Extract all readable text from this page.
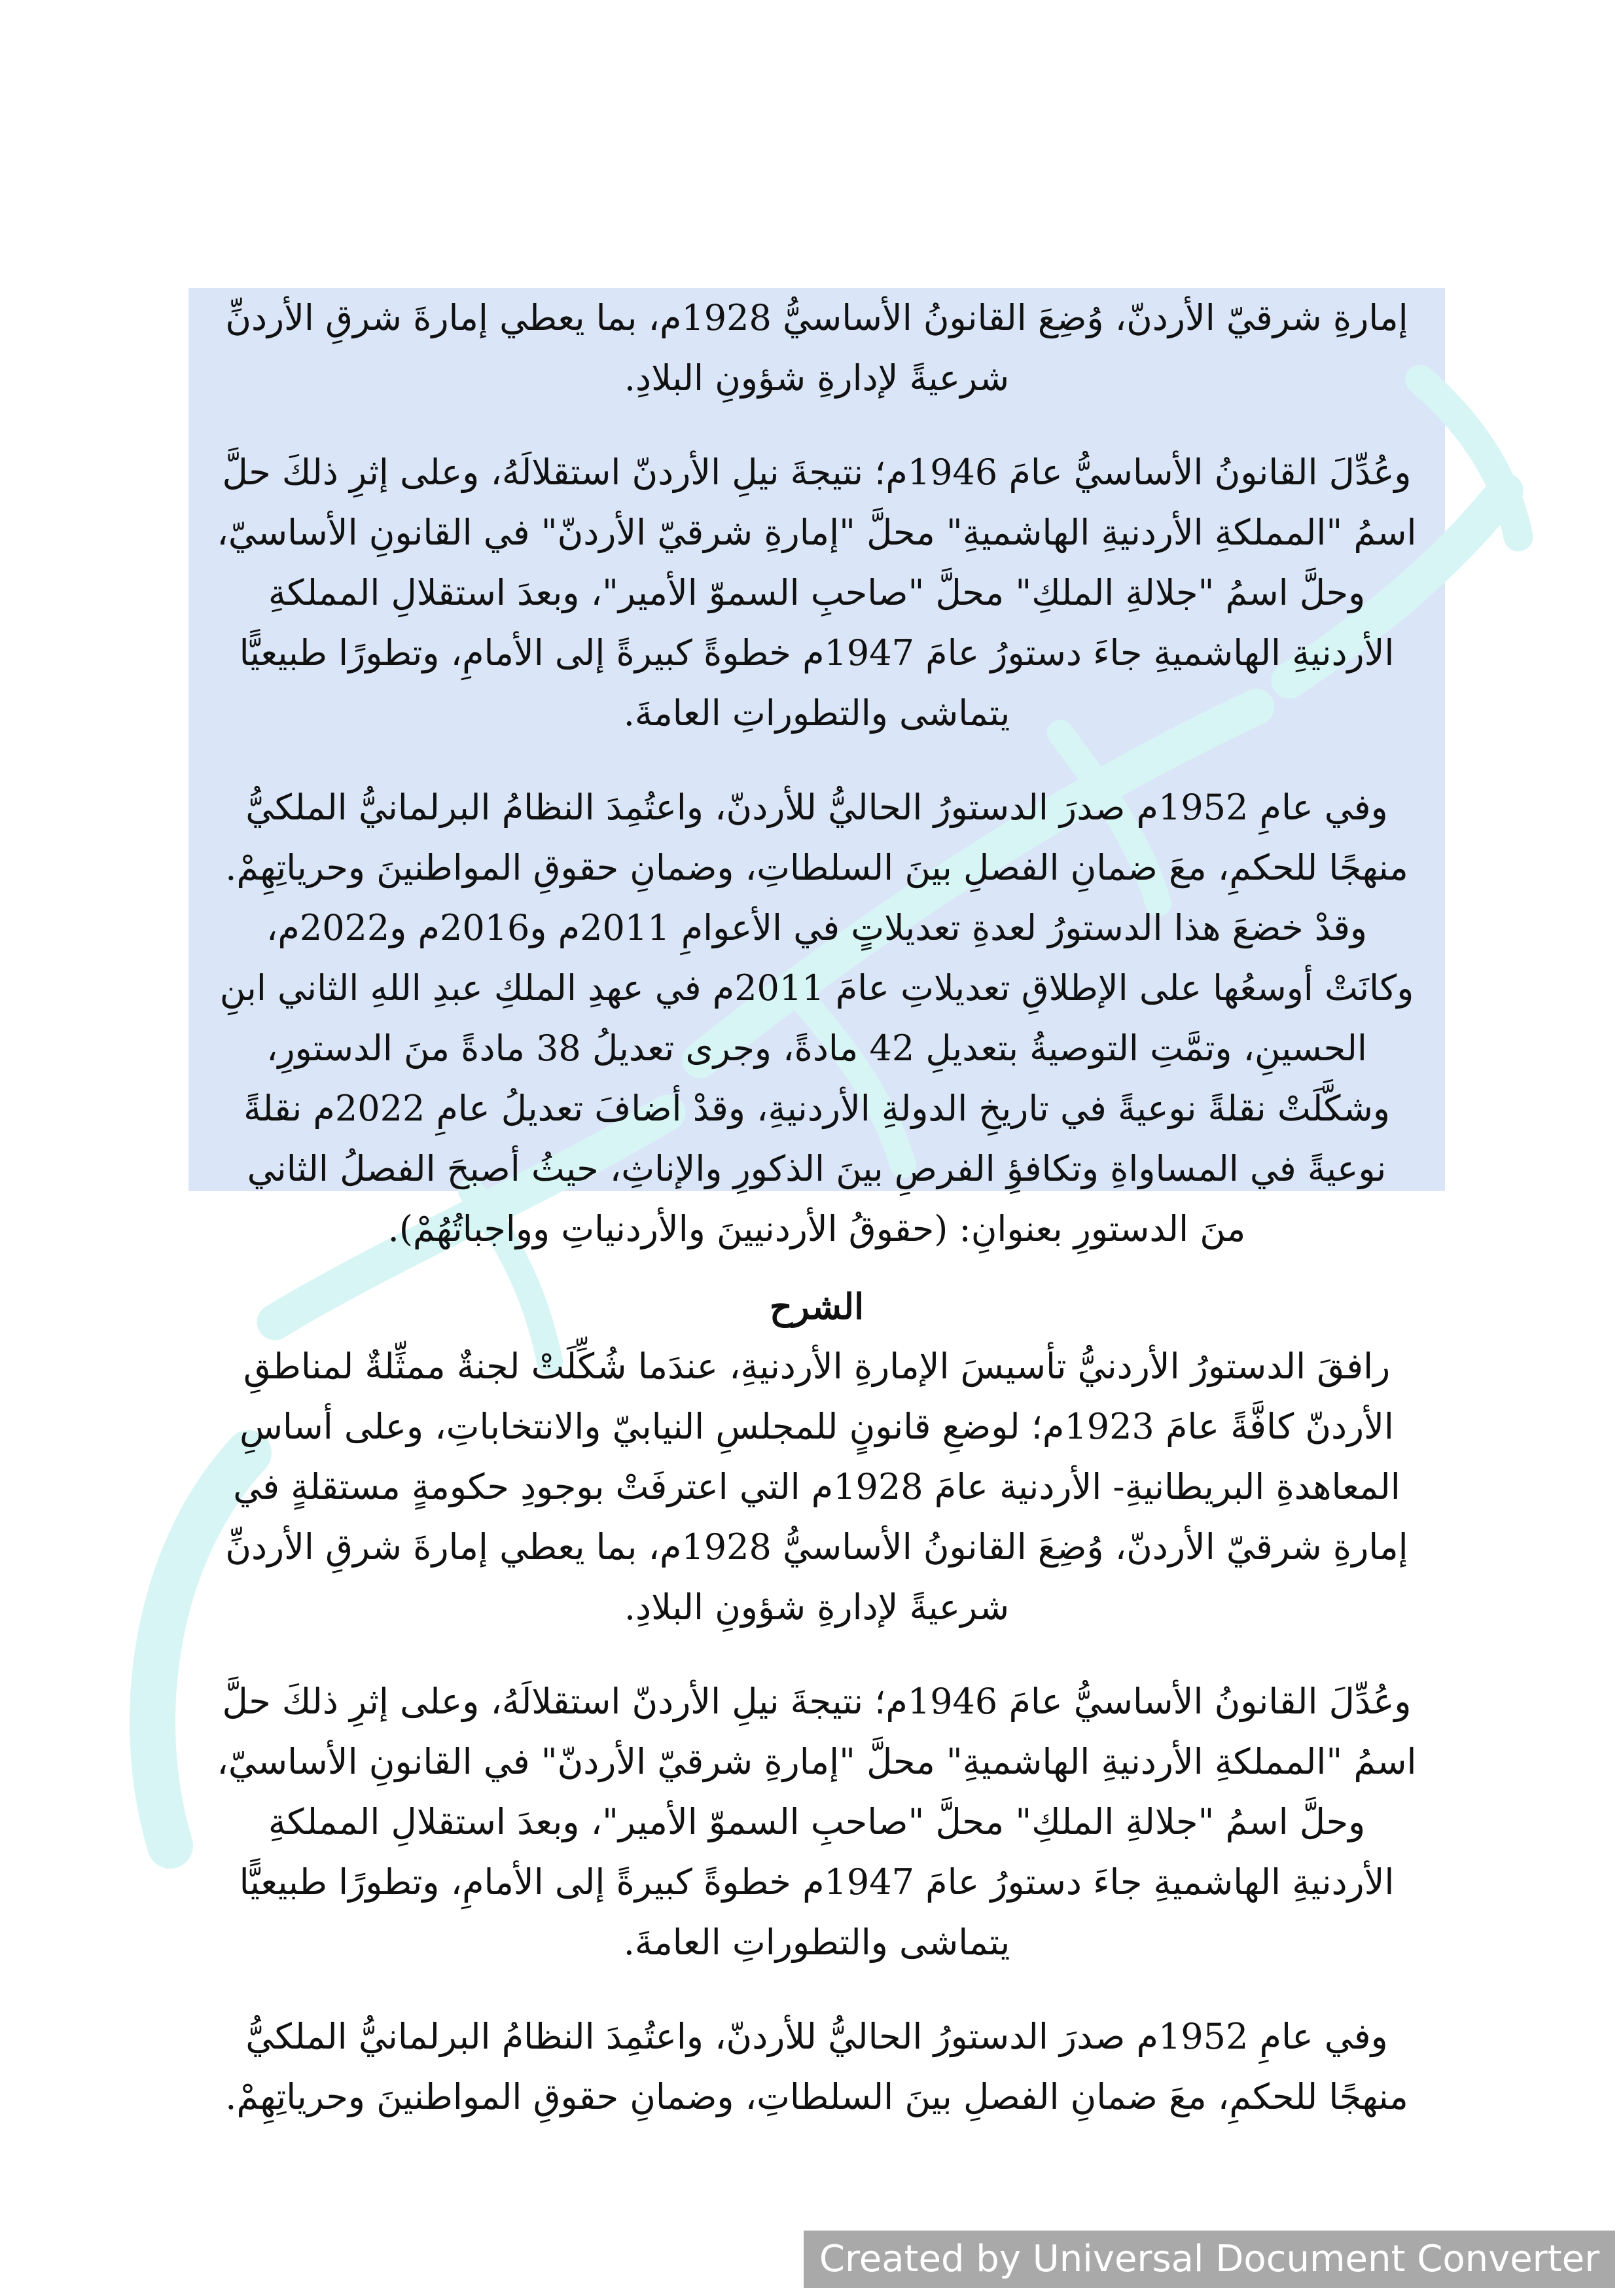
إمارةِ شرقيّ الأردنّ، وُضِعَ القانونُ الأساسيُّ 1928م، بما يعطي إمارةَ شرقِ الأردنِّ

شرعيةً لإدارةِ شؤونِ البلادِ.

وعُدِّلَ القانونُ الأساسيُّ عامَ 1946م؛ نتيجةَ نيلِ الأردنّ استقلالَهُ، وعلى إثرِ ذلكَ حلَّ

اسمُ "المملكةِ الأردنيةِ الهاشميةِ" محلَّ "إمارةِ شرقيّ الأردنّ" في القانونِ الأساسيّ،

وحلَّ اسمُ "جلالةِ الملكِ" محلَّ "صاحبِ السموّ الأمير"، وبعدَ استقلالِ المملكةِ

الأردنيةِ الهاشميةِ جاءَ دستورُ عامَ 1947م خطوةً كبيرةً إلى الأمامِ، وتطورًا طبيعيًّا

يتماشى والتطوراتِ العامةَ.

وفي عامِ 1952م صدرَ الدستورُ الحاليُّ للأردنّ، واعتُمِدَ النظامُ البرلمانيُّ الملكيُّ

منهجًا للحكمِ، معَ ضمانِ الفصلِ بينَ السلطاتِ، وضمانِ حقوقِ المواطنينَ وحرياتِهِمْ.

وقدْ خضعَ هذا الدستورُ لعدةِ تعديلاتٍ في الأعوامِ 2011م و2016م و2022م،

وكانَتْ أوسعُها على الإطلاقِ تعديلاتِ عامَ 2011م في عهدِ الملكِ عبدِ اللهِ الثاني ابنِ

الحسينِ، وتمَّتِ التوصيةُ بتعديلِ 42 مادةً، وجرى تعديلُ 38 مادةً منَ الدستورِ،

وشكَّلَتْ نقلةً نوعيةً في تاريخِ الدولةِ الأردنيةِ، وقدْ أضافَ تعديلُ عامِ 2022م نقلةً

نوعيةً في المساواةِ وتكافؤِ الفرصِ بينَ الذكورِ والإناثِ، حيثُ أصبحَ الفصلُ الثاني

منَ الدستورِ بعنوانِ: (حقوقُ الأردنيينَ والأردنياتِ وواجباتُهُمْ).

الشرح

رافقَ الدستورُ الأردنيُّ تأسيسَ الإمارةِ الأردنيةِ، عندَما شُكِّلَتْ لجنةٌ ممثِّلةٌ لمناطقِ

الأردنّ كافَّةً عامَ 1923م؛ لوضعِ قانونٍ للمجلسِ النيابيّ والانتخاباتِ، وعلى أساسِ

المعاهدةِ البريطانيةِ- الأردنية عامَ 1928م التي اعترفَتْ بوجودِ حكومةٍ مستقلةٍ في

إمارةِ شرقيّ الأردنّ، وُضِعَ القانونُ الأساسيُّ 1928م، بما يعطي إمارةَ شرقِ الأردنِّ

شرعيةً لإدارةِ شؤونِ البلادِ.

وعُدِّلَ القانونُ الأساسيُّ عامَ 1946م؛ نتيجةَ نيلِ الأردنّ استقلالَهُ، وعلى إثرِ ذلكَ حلَّ

اسمُ "المملكةِ الأردنيةِ الهاشميةِ" محلَّ "إمارةِ شرقيّ الأردنّ" في القانونِ الأساسيّ،

وحلَّ اسمُ "جلالةِ الملكِ" محلَّ "صاحبِ السموّ الأمير"، وبعدَ استقلالِ المملكةِ

الأردنيةِ الهاشميةِ جاءَ دستورُ عامَ 1947م خطوةً كبيرةً إلى الأمامِ، وتطورًا طبيعيًّا

يتماشى والتطوراتِ العامةَ.

وفي عامِ 1952م صدرَ الدستورُ الحاليُّ للأردنّ، واعتُمِدَ النظامُ البرلمانيُّ الملكيُّ

منهجًا للحكمِ، معَ ضمانِ الفصلِ بينَ السلطاتِ، وضمانِ حقوقِ المواطنينَ وحرياتِهِمْ.

Created by Universal Document Converter
